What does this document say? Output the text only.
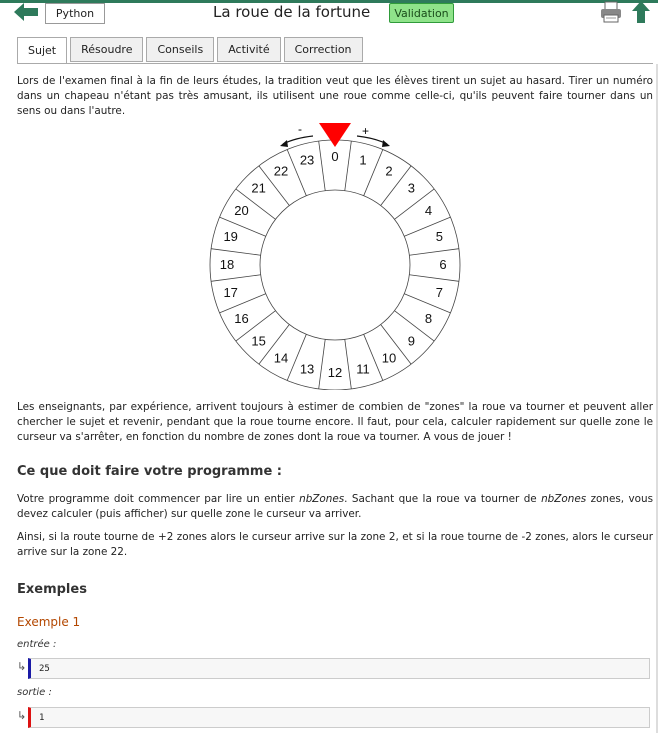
Python	La roue de la fortune	Validation
Sujet	Résoudre	Conseils	Activité	Correction

Lors de l'examen final à la fin de leurs études, la tradition veut que les élèves tirent un sujet au hasard. Tirer un numéro dans un chapeau n'étant pas très amusant, ils utilisent une roue comme celle-ci, qu'ils peuvent faire tourner dans un sens ou dans l'autre.

0 1
2
3
4
5
6
7
8
9
10
11
12
13
14
15
16
17
18
19
20
21
22
23
-	+

Les enseignants, par expérience, arrivent toujours à estimer de combien de "zones" la roue va tourner et peuvent aller chercher le sujet et revenir, pendant que la roue tourne encore. Il faut, pour cela, calculer rapidement sur quelle zone le curseur va s'arrêter, en fonction du nombre de zones dont la roue va tourner. A vous de jouer !

Ce que doit faire votre programme :

Votre programme doit commencer par lire un entier nbZones. Sachant que la roue va tourner de nbZones zones, vous devez calculer (puis afficher) sur quelle zone le curseur va arriver.

Ainsi, si la route tourne de +2 zones alors le curseur arrive sur la zone 2, et si la roue tourne de -2 zones, alors le curseur arrive sur la zone 22.

Exemples
Exemple 1
entrée :
↳	25
sortie :
↳	1
